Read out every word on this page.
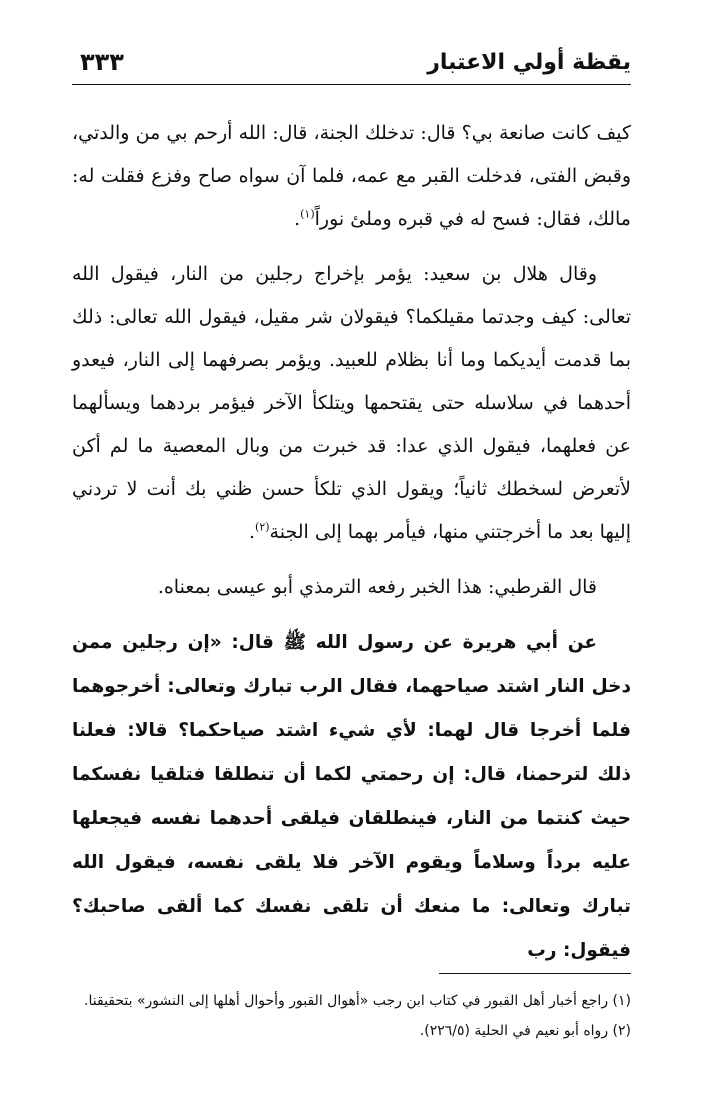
يقظة أولي الاعتبار
٣٣٣

كيف كانت صانعة بي؟ قال: تدخلك الجنة، قال: الله أرحم بي من والدتي، وقبض الفتى، فدخلت القبر مع عمه، فلما آن سواه صاح وفزع فقلت له: مالك، فقال: فسح له في قبره وملئ نوراً$^{(١)}$.

وقال هلال بن سعيد: يؤمر بإخراج رجلين من النار، فيقول الله تعالى: كيف وجدتما مقيلكما؟ فيقولان شر مقيل، فيقول الله تعالى: ذلك بما قدمت أيديكما وما أنا بظلام للعبيد. ويؤمر بصرفهما إلى النار، فيعدو أحدهما في سلاسله حتى يقتحمها ويتلكأ الآخر فيؤمر بردهما ويسألهما عن فعلهما، فيقول الذي عدا: قد خبرت من وبال المعصية ما لم أكن لأتعرض لسخطك ثانياً؛ ويقول الذي تلكأ حسن ظني بك أنت لا تردني إليها بعد ما أخرجتني منها، فيأمر بهما إلى الجنة$^{(٢)}$.

قال القرطبي: هذا الخبر رفعه الترمذي أبو عيسى بمعناه.

عن أبي هريرة عن رسول الله ﷺ قال: «إن رجلين ممن دخل النار اشتد صياحهما، فقال الرب تبارك وتعالى: أخرجوهما فلما أخرجا قال لهما: لأي شيء اشتد صياحكما؟ قالا: فعلنا ذلك لترحمنا، قال: إن رحمتي لكما أن تنطلقا فتلقيا نفسكما حيث كنتما من النار، فينطلقان فيلقى أحدهما نفسه فيجعلها عليه برداً وسلاماً ويقوم الآخر فلا يلقى نفسه، فيقول الله تبارك وتعالى: ما منعك أن تلقى نفسك كما ألقى صاحبك؟ فيقول: رب

(١) راجع أخبار أهل القبور في كتاب ابن رجب «أهوال القبور وأحوال أهلها إلى النشور» بتحقيقنا.
(٢) رواه أبو نعيم في الحلية (٢٢٦/٥).
